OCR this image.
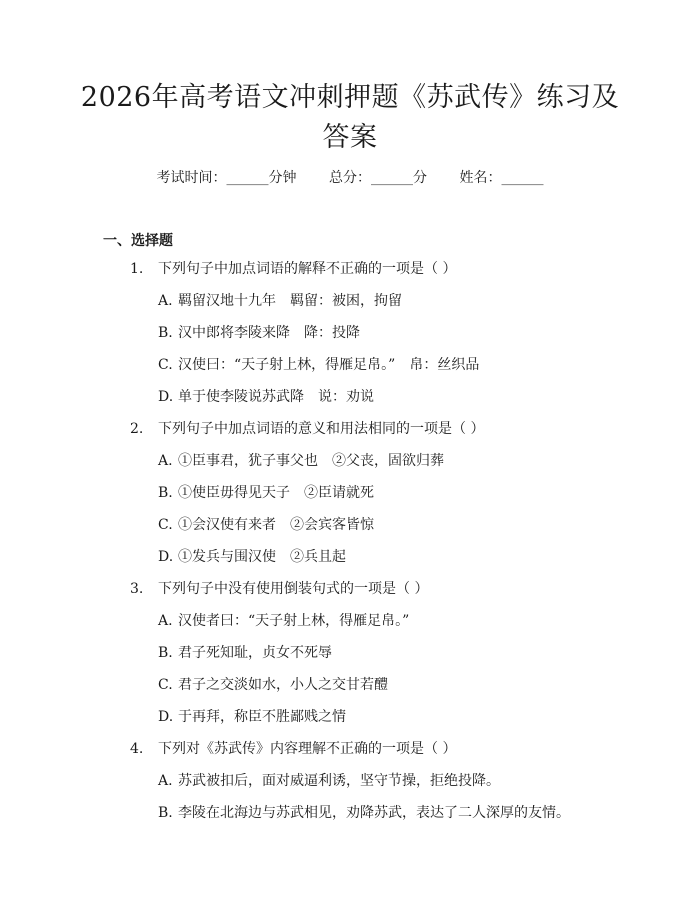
2026年高考语文冲刺押题《苏武传》练习及答案
考试时间：______分钟 总分：______分 姓名：______
一、选择题
1. 下列句子中加点词语的解释不正确的一项是（ ）
A. 羁留汉地十九年　羁留：被困，拘留
B. 汉中郎将李陵来降　降：投降
C. 汉使曰：“天子射上林，得雁足帛。”　帛：丝织品
D. 单于使李陵说苏武降　说：劝说
2. 下列句子中加点词语的意义和用法相同的一项是（ ）
A. ①臣事君，犹子事父也　②父丧，固欲归葬
B. ①使臣毋得见天子　②臣请就死
C. ①会汉使有来者　②会宾客皆惊
D. ①发兵与围汉使　②兵且起
3. 下列句子中没有使用倒装句式的一项是（ ）
A. 汉使者曰：“天子射上林，得雁足帛。”
B. 君子死知耻，贞女不死辱
C. 君子之交淡如水，小人之交甘若醴
D. 于再拜，称臣不胜鄙贱之情
4. 下列对《苏武传》内容理解不正确的一项是（ ）
A. 苏武被扣后，面对威逼利诱，坚守节操，拒绝投降。
B. 李陵在北海边与苏武相见，劝降苏武，表达了二人深厚的友情。
